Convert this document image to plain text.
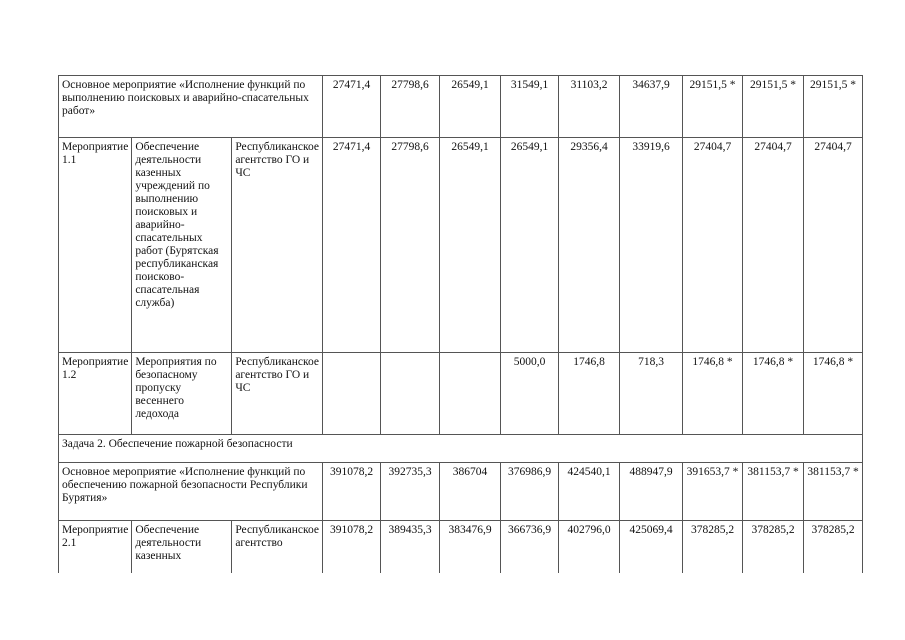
Основное мероприятие «Исполнение функций по выполнению поисковых и аварийно-спасательных работ»			27471,4	27798,6	26549,1	31549,1	31103,2	34637,9	29151,5 *	29151,5 *	29151,5 *
Мероприятие 1.1	Обеспечение деятельности казенных учреждений по выполнению поисковых и аварийно-спасательных работ (Бурятская республиканская поисково-спасательная служба)	Республиканское агентство ГО и ЧС	27471,4	27798,6	26549,1	26549,1	29356,4	33919,6	27404,7	27404,7	27404,7
Мероприятие 1.2	Мероприятия по безопасному пропуску весеннего ледохода	Республиканское агентство ГО и ЧС				5000,0	1746,8	718,3	1746,8 *	1746,8 *	1746,8 *
Задача 2. Обеспечение пожарной безопасности											
Основное мероприятие «Исполнение функций по обеспечению пожарной безопасности Республики Бурятия»			391078,2	392735,3	386704	376986,9	424540,1	488947,9	391653,7 *	381153,7 *	381153,7 *
Мероприятие 2.1	Обеспечение деятельности казенных	Республиканское агентство	391078,2	389435,3	383476,9	366736,9	402796,0	425069,4	378285,2	378285,2	378285,2
